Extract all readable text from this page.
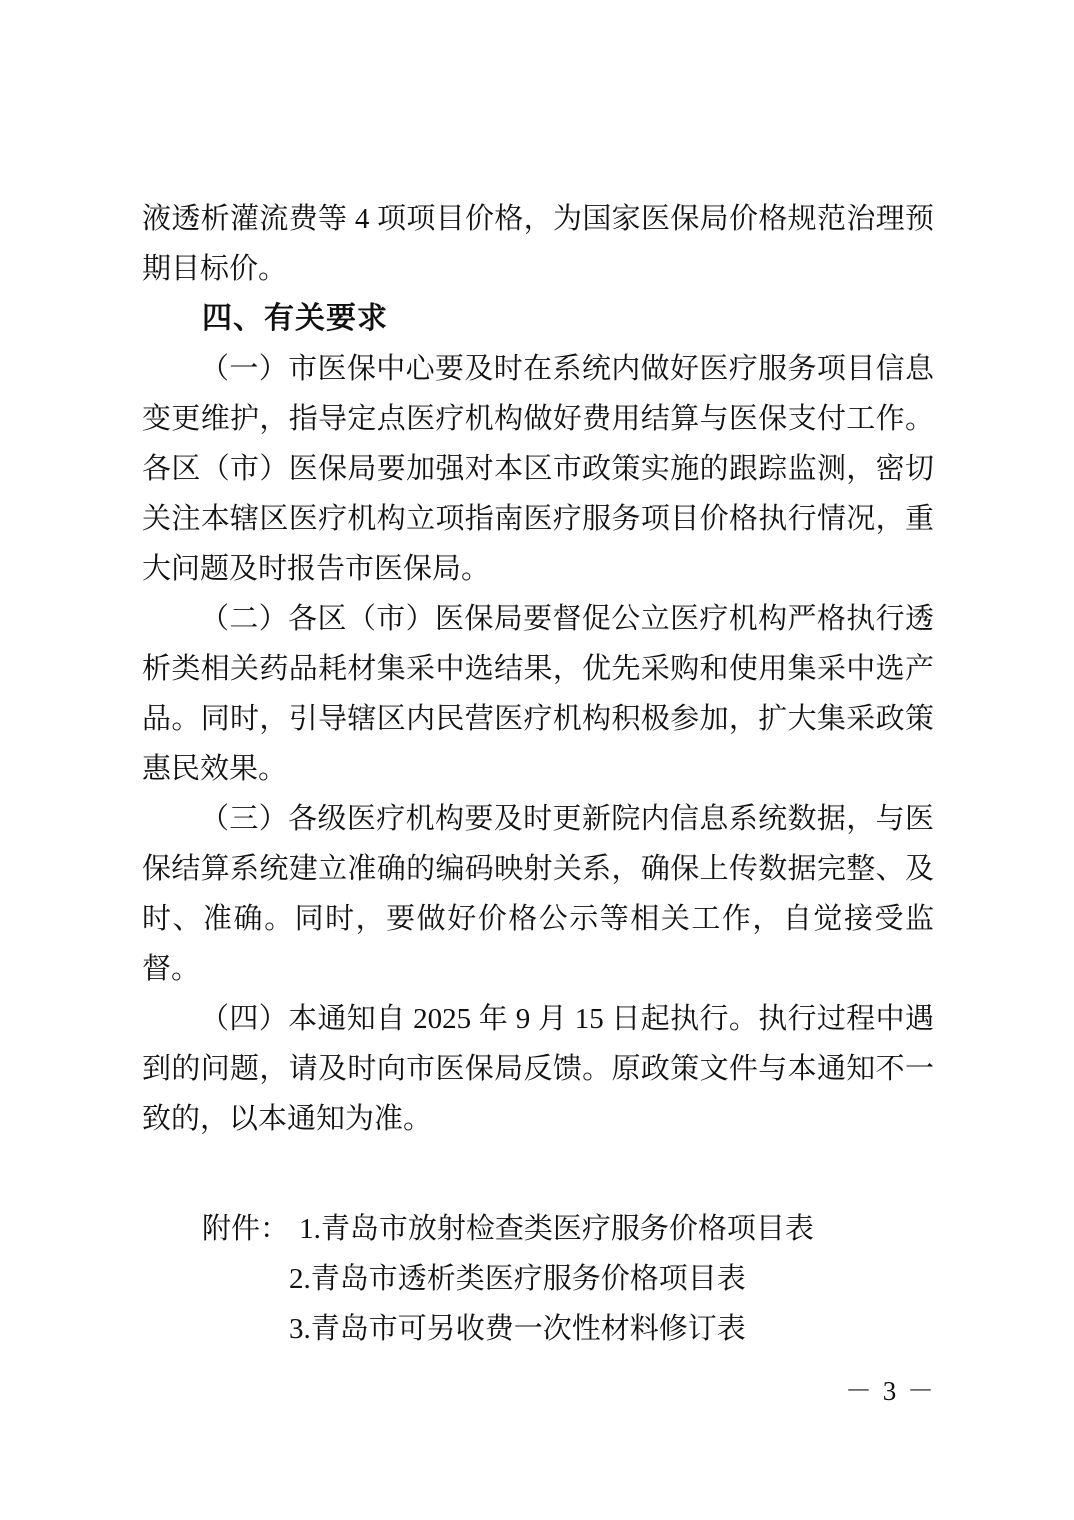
液透析灌流费等 4 项项目价格，为国家医保局价格规范治理预期目标价。

四、有关要求

（一）市医保中心要及时在系统内做好医疗服务项目信息变更维护，指导定点医疗机构做好费用结算与医保支付工作。各区（市）医保局要加强对本区市政策实施的跟踪监测，密切关注本辖区医疗机构立项指南医疗服务项目价格执行情况，重大问题及时报告市医保局。

（二）各区（市）医保局要督促公立医疗机构严格执行透析类相关药品耗材集采中选结果，优先采购和使用集采中选产品。同时，引导辖区内民营医疗机构积极参加，扩大集采政策惠民效果。

（三）各级医疗机构要及时更新院内信息系统数据，与医保结算系统建立准确的编码映射关系，确保上传数据完整、及时、准确。同时，要做好价格公示等相关工作，自觉接受监督。

（四）本通知自 2025 年 9 月 15 日起执行。执行过程中遇到的问题，请及时向市医保局反馈。原政策文件与本通知不一致的，以本通知为准。

附件： 1.青岛市放射检查类医疗服务价格项目表
2.青岛市透析类医疗服务价格项目表
3.青岛市可另收费一次性材料修订表
－ 3 －
